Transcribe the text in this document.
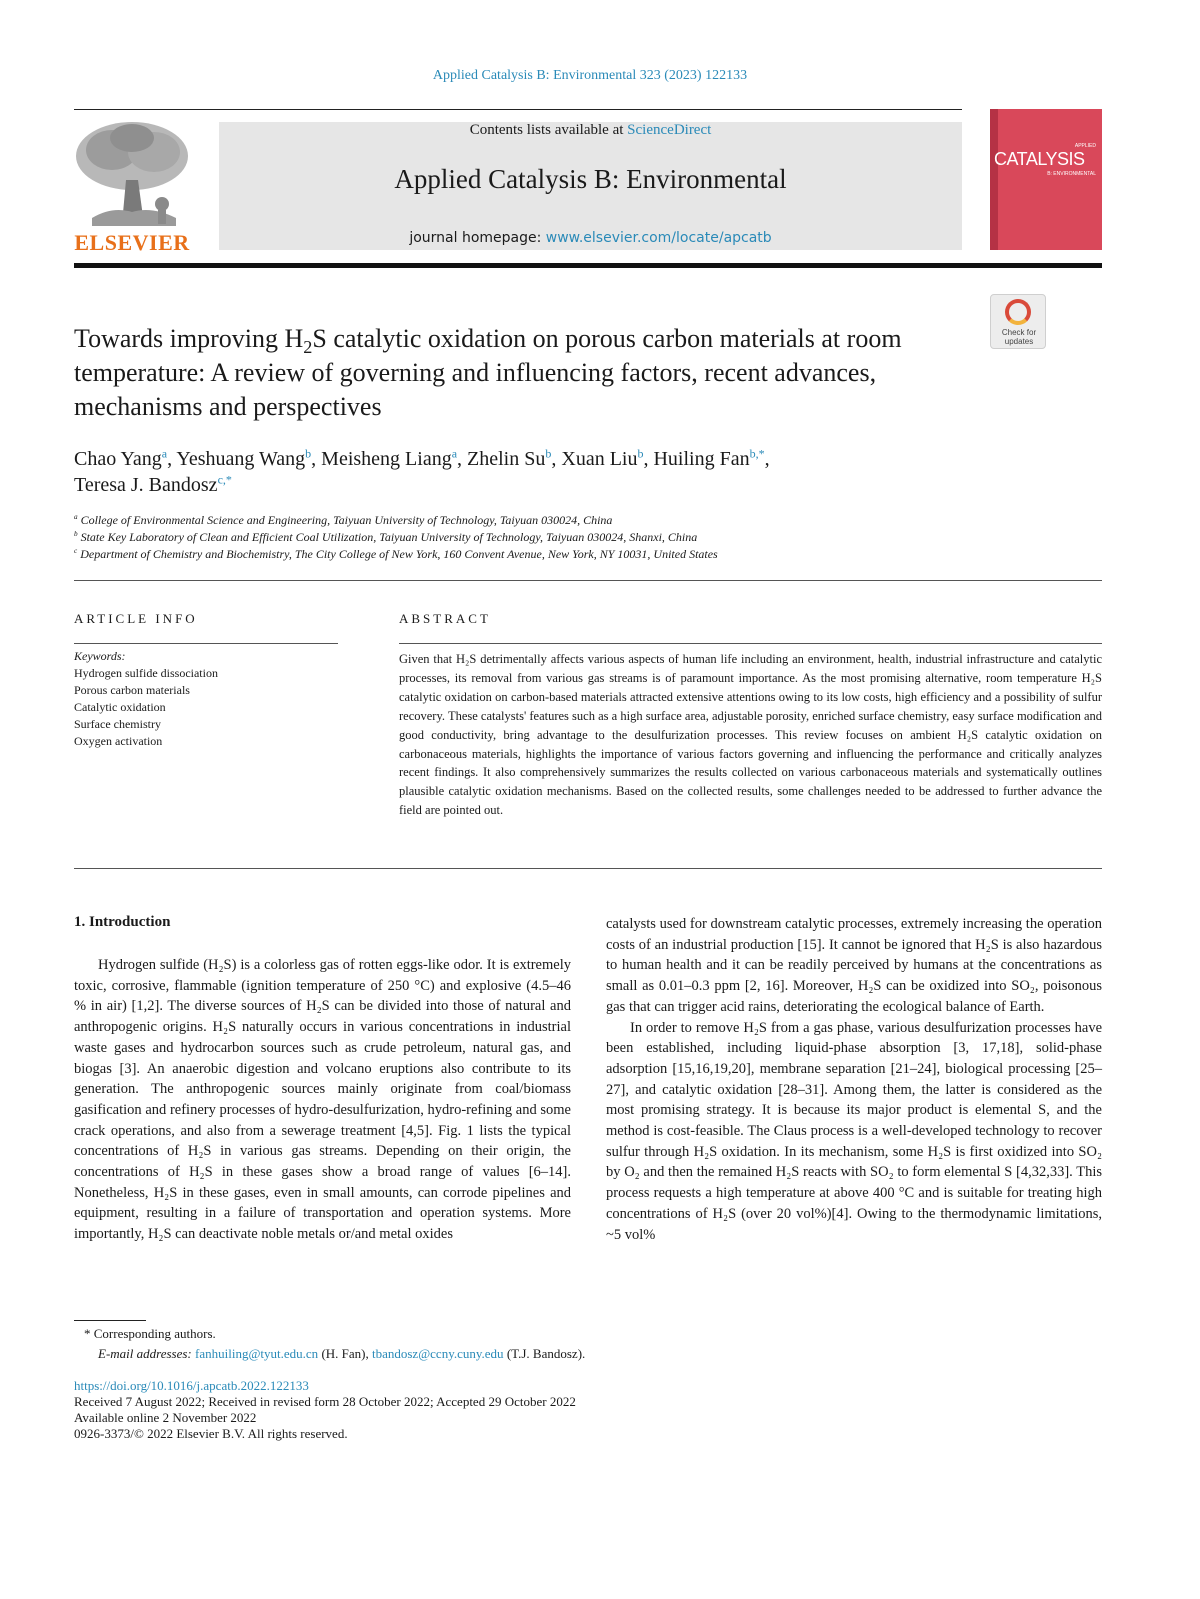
Applied Catalysis B: Environmental 323 (2023) 122133
ELSEVIER
Contents lists available at ScienceDirect
Applied Catalysis B: Environmental
journal homepage: www.elsevier.com/locate/apcatb
APPLIED
CATALYSIS
B: ENVIRONMENTAL
Check for updates
Towards improving $H_2S$ catalytic oxidation on porous carbon materials at room temperature: A review of governing and influencing factors, recent advances, mechanisms and perspectives
Chao Yang$^a$, Yeshuang Wang$^b$, Meisheng Liang$^a$, Zhelin Su$^b$, Xuan Liu$^b$, Huiling Fan$^{b,*}$,
Teresa J. Bandosz$^{c,*}$
$^a$ College of Environmental Science and Engineering, Taiyuan University of Technology, Taiyuan 030024, China
$^b$ State Key Laboratory of Clean and Efficient Coal Utilization, Taiyuan University of Technology, Taiyuan 030024, Shanxi, China
$^c$ Department of Chemistry and Biochemistry, The City College of New York, 160 Convent Avenue, New York, NY 10031, United States
ARTICLE INFO	ABSTRACT
Keywords:
Hydrogen sulfide dissociation
Porous carbon materials
Catalytic oxidation
Surface chemistry
Oxygen activation
Given that H₂S detrimentally affects various aspects of human life including an environment, health, industrial infrastructure and catalytic processes, its removal from various gas streams is of paramount importance. As the most promising alternative, room temperature H₂S catalytic oxidation on carbon-based materials attracted extensive attentions owing to its low costs, high efficiency and a possibility of sulfur recovery. These catalysts' features such as a high surface area, adjustable porosity, enriched surface chemistry, easy surface modification and good conductivity, bring advantage to the desulfurization processes. This review focuses on ambient H₂S catalytic oxidation on carbonaceous materials, highlights the importance of various factors governing and influencing the performance and critically analyzes recent findings. It also comprehensively summarizes the results collected on various carbonaceous materials and systematically outlines plausible catalytic oxidation mechanisms. Based on the collected results, some challenges needed to be addressed to further advance the field are pointed out.
1. Introduction

Hydrogen sulfide (H₂S) is a colorless gas of rotten eggs-like odor. It is extremely toxic, corrosive, flammable (ignition temperature of 250 °C) and explosive (4.5–46 % in air) [1,2]. The diverse sources of H₂S can be divided into those of natural and anthropogenic origins. H₂S naturally occurs in various concentrations in industrial waste gases and hydrocarbon sources such as crude petroleum, natural gas, and biogas [3]. An anaerobic digestion and volcano eruptions also contribute to its generation. The anthropogenic sources mainly originate from coal/biomass gasification and refinery processes of hydro-desulfurization, hydro-refining and some crack operations, and also from a sewerage treatment [4,5]. Fig. 1 lists the typical concentrations of H₂S in various gas streams. Depending on their origin, the concentrations of H₂S in these gases show a broad range of values [6–14]. Nonetheless, H₂S in these gases, even in small amounts, can corrode pipelines and equipment, resulting in a failure of transportation and operation systems. More importantly, H₂S can deactivate noble metals or/and metal oxides

catalysts used for downstream catalytic processes, extremely increasing the operation costs of an industrial production [15]. It cannot be ignored that H₂S is also hazardous to human health and it can be readily perceived by humans at the concentrations as small as 0.01–0.3 ppm [2, 16]. Moreover, H₂S can be oxidized into SO₂, poisonous gas that can trigger acid rains, deteriorating the ecological balance of Earth.

In order to remove H₂S from a gas phase, various desulfurization processes have been established, including liquid-phase absorption [3, 17,18], solid-phase adsorption [15,16,19,20], membrane separation [21–24], biological processing [25–27], and catalytic oxidation [28–31]. Among them, the latter is considered as the most promising strategy. It is because its major product is elemental S, and the method is cost-feasible. The Claus process is a well-developed technology to recover sulfur through H₂S oxidation. In its mechanism, some H₂S is first oxidized into SO₂ by O₂ and then the remained H₂S reacts with SO₂ to form elemental S [4,32,33]. This process requests a high temperature at above 400 °C and is suitable for treating high concentrations of H₂S (over 20 vol%)[4]. Owing to the thermodynamic limitations, ~5 vol%

* Corresponding authors.
E-mail addresses: fanhuiling@tyut.edu.cn (H. Fan), tbandosz@ccny.cuny.edu (T.J. Bandosz).
https://doi.org/10.1016/j.apcatb.2022.122133
Received 7 August 2022; Received in revised form 28 October 2022; Accepted 29 October 2022
Available online 2 November 2022
0926-3373/© 2022 Elsevier B.V. All rights reserved.
